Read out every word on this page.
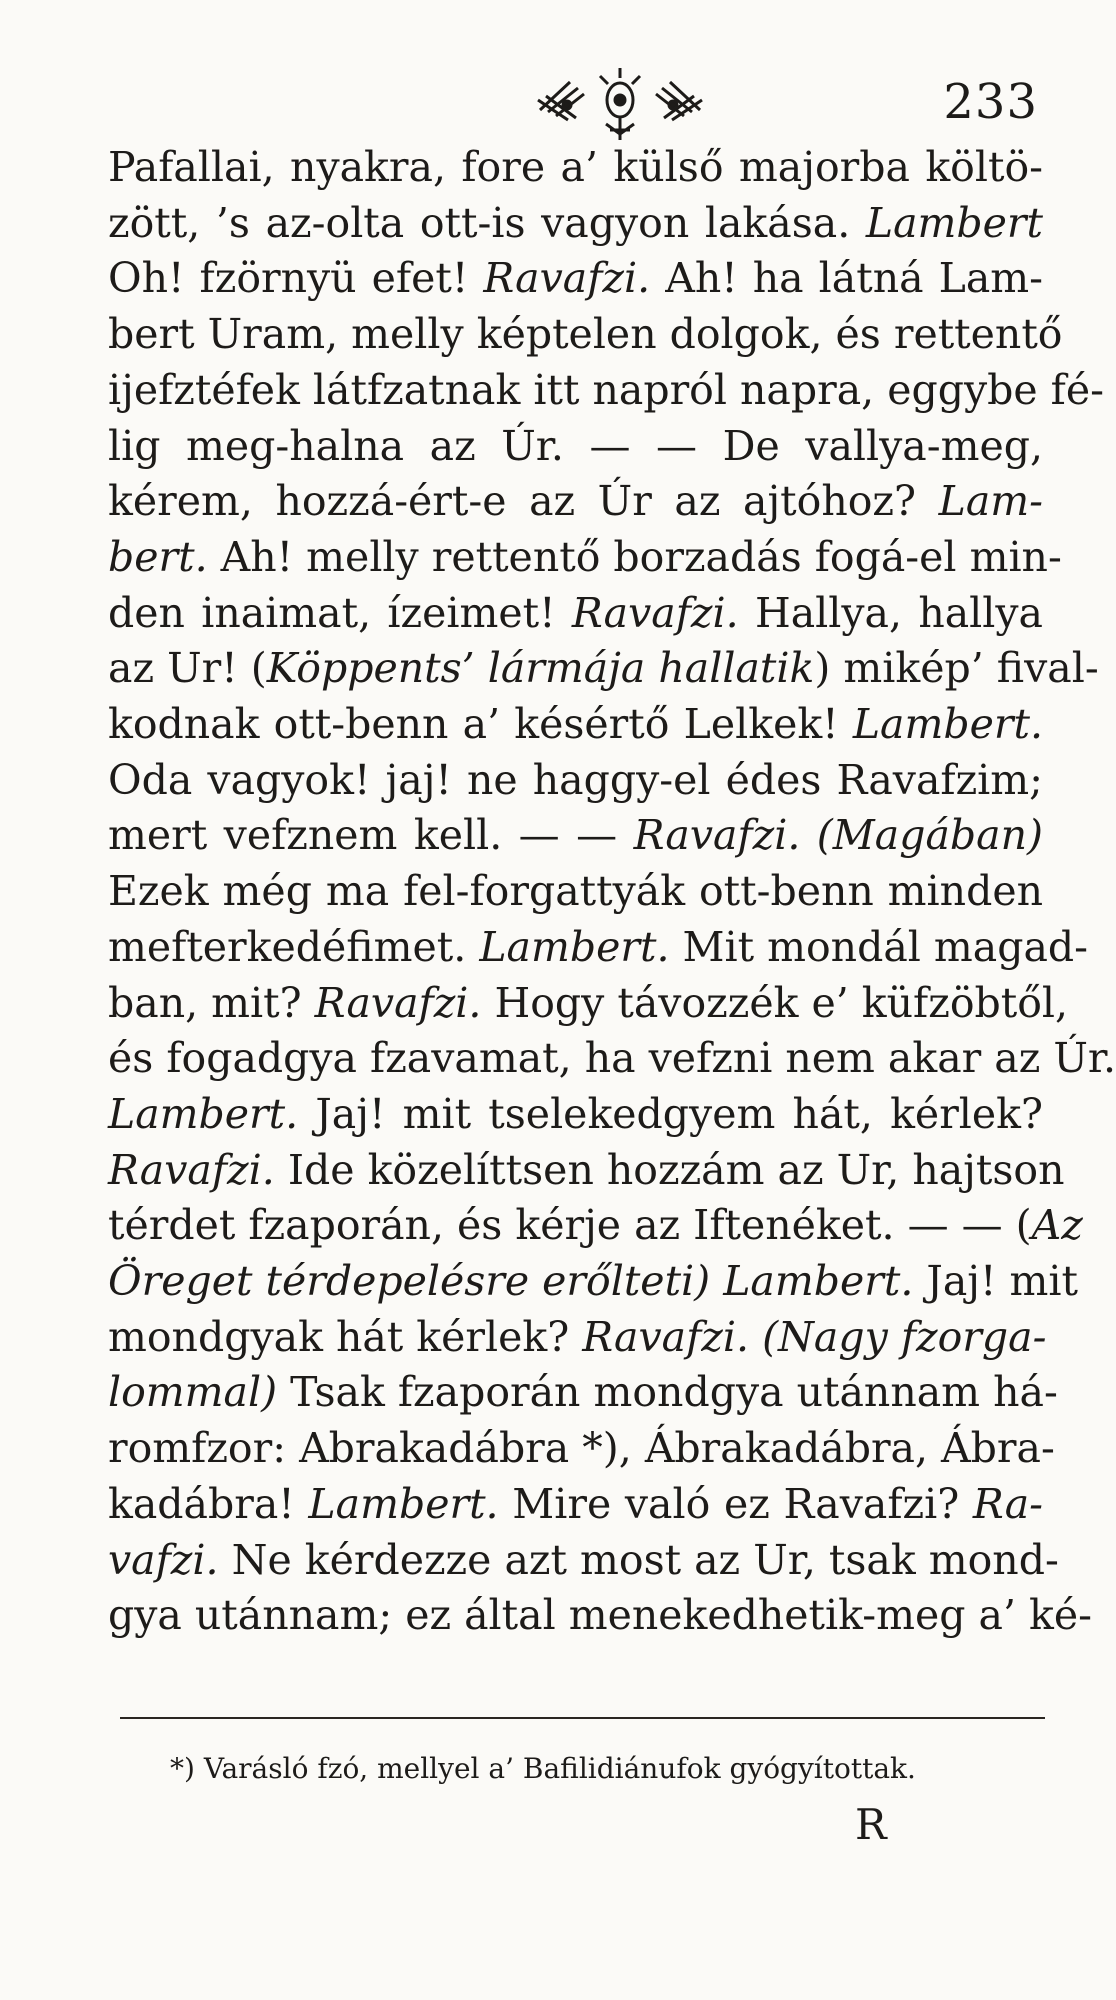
233
Pafallai, nyakra, fore a’ külső majorba költö-
zött, ’s az-olta ott-is vagyon lakása. Lambert
Oh! fzörnyü efet! Ravafzi. Ah! ha látná Lam-
bert Uram, melly képtelen dolgok, és rettentő
ijefztéfek látfzatnak itt napról napra, eggybe fé-
lig meg-halna az Úr. — — De vallya-meg,
kérem, hozzá-ért-e az Úr az ajtóhoz? Lam-
bert. Ah! melly rettentő borzadás fogá-el min-
den inaimat, ízeimet! Ravafzi. Hallya, hallya
az Ur! (Köppents’ lármája hallatik) mikép’ fival-
kodnak ott-benn a’ késértő Lelkek! Lambert.
Oda vagyok! jaj! ne haggy-el édes Ravafzim;
mert vefznem kell. — — Ravafzi. (Magában)
Ezek még ma fel-forgattyák ott-benn minden
mefterkedéfimet. Lambert. Mit mondál magad-
ban, mit? Ravafzi. Hogy távozzék e’ küfzöbtől,
és fogadgya fzavamat, ha vefzni nem akar az Úr.
Lambert. Jaj! mit tselekedgyem hát, kérlek?
Ravafzi. Ide közelíttsen hozzám az Ur, hajtson
térdet fzaporán, és kérje az Iftenéket. — — (Az
Öreget térdepelésre erőlteti) Lambert. Jaj! mit
mondgyak hát kérlek? Ravafzi. (Nagy fzorga-
lommal) Tsak fzaporán mondgya utánnam há-
romfzor: Abrakadábra *), Ábrakadábra, Ábra-
kadábra! Lambert. Mire való ez Ravafzi? Ra-
vafzi. Ne kérdezze azt most az Ur, tsak mond-
gya utánnam; ez által menekedhetik-meg a’ ké-
*) Varásló fzó, mellyel a’ Bafilidiánufok gyógyítottak.
R
